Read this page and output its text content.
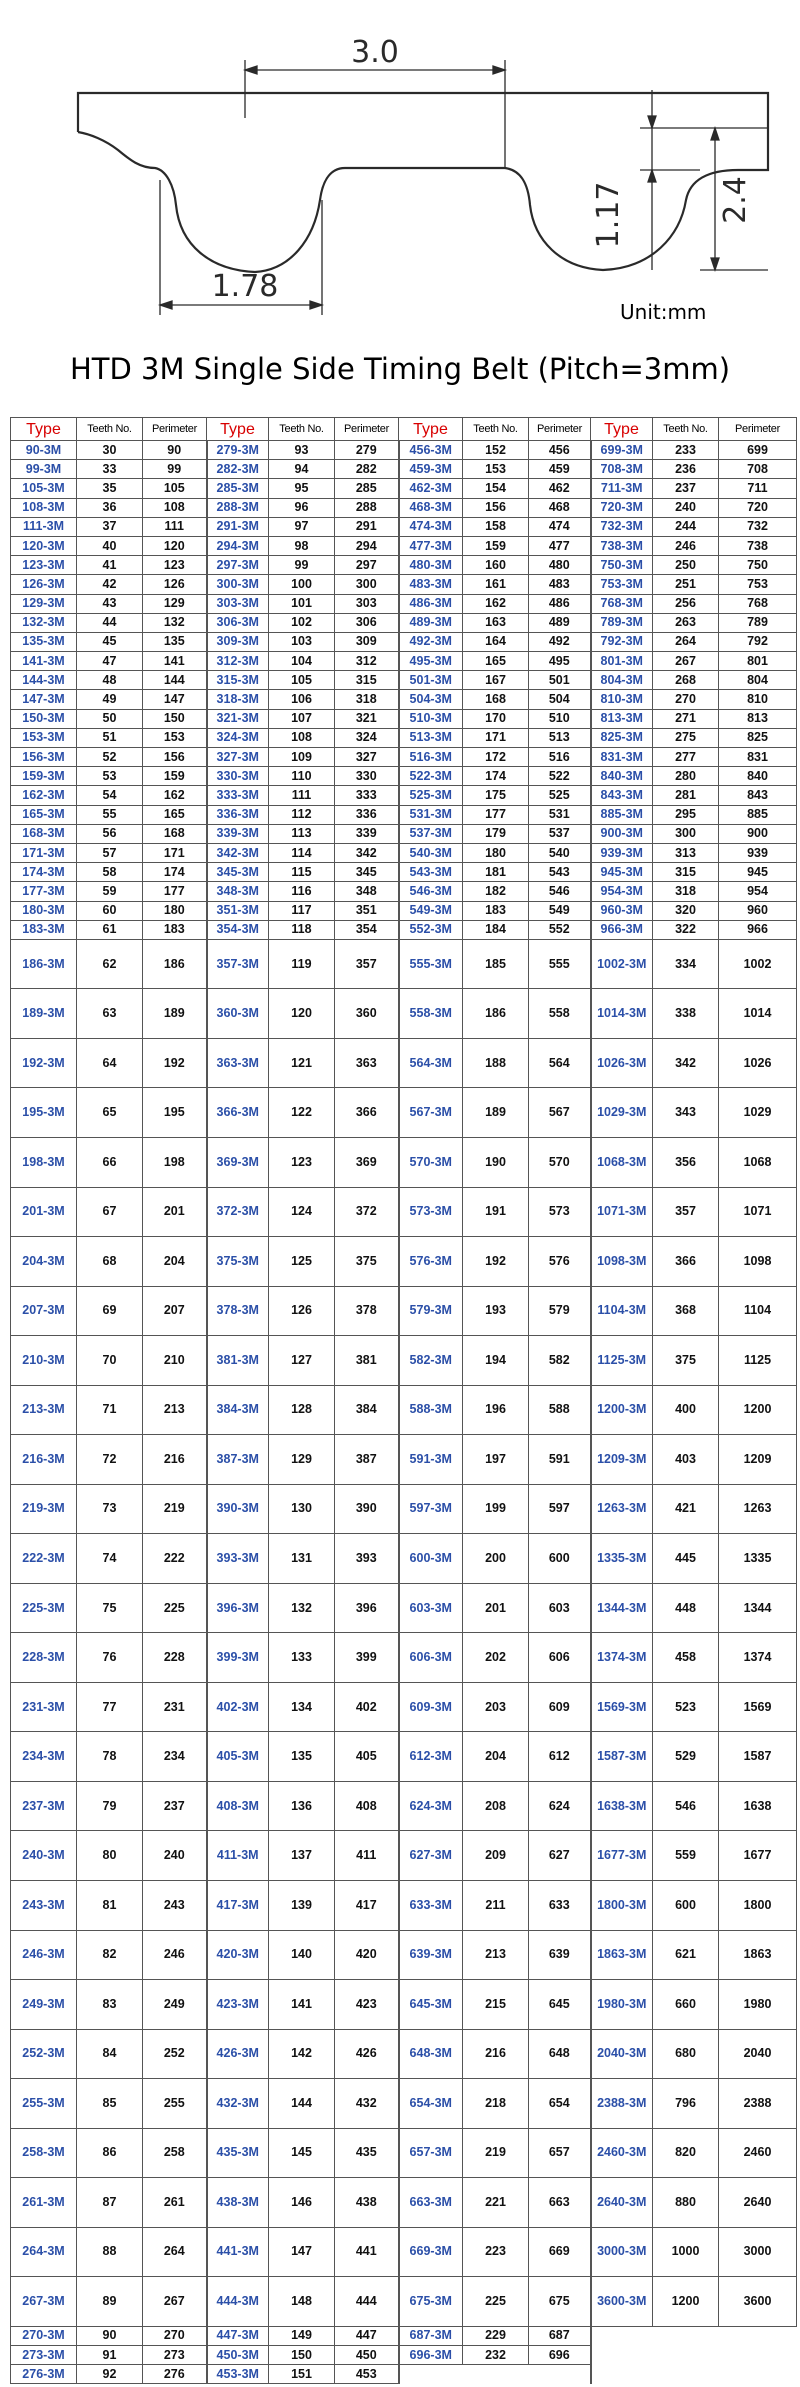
3.0
1.78
1.17	2.4
Unit:mm
HTD 3M Single Side Timing Belt (Pitch=3mm)
Type	Teeth No.	Perimeter	Type	Teeth No.	Perimeter	Type	Teeth No.	Perimeter	Type	Teeth No.	Perimeter
90-3M	30	90	279-3M	93	279	456-3M	152	456	699-3M	233	699
99-3M	33	99	282-3M	94	282	459-3M	153	459	708-3M	236	708
105-3M	35	105	285-3M	95	285	462-3M	154	462	711-3M	237	711
108-3M	36	108	288-3M	96	288	468-3M	156	468	720-3M	240	720
111-3M	37	111	291-3M	97	291	474-3M	158	474	732-3M	244	732
120-3M	40	120	294-3M	98	294	477-3M	159	477	738-3M	246	738
123-3M	41	123	297-3M	99	297	480-3M	160	480	750-3M	250	750
126-3M	42	126	300-3M	100	300	483-3M	161	483	753-3M	251	753
129-3M	43	129	303-3M	101	303	486-3M	162	486	768-3M	256	768
132-3M	44	132	306-3M	102	306	489-3M	163	489	789-3M	263	789
135-3M	45	135	309-3M	103	309	492-3M	164	492	792-3M	264	792
141-3M	47	141	312-3M	104	312	495-3M	165	495	801-3M	267	801
144-3M	48	144	315-3M	105	315	501-3M	167	501	804-3M	268	804
147-3M	49	147	318-3M	106	318	504-3M	168	504	810-3M	270	810
150-3M	50	150	321-3M	107	321	510-3M	170	510	813-3M	271	813
153-3M	51	153	324-3M	108	324	513-3M	171	513	825-3M	275	825
156-3M	52	156	327-3M	109	327	516-3M	172	516	831-3M	277	831
159-3M	53	159	330-3M	110	330	522-3M	174	522	840-3M	280	840
162-3M	54	162	333-3M	111	333	525-3M	175	525	843-3M	281	843
165-3M	55	165	336-3M	112	336	531-3M	177	531	885-3M	295	885
168-3M	56	168	339-3M	113	339	537-3M	179	537	900-3M	300	900
171-3M	57	171	342-3M	114	342	540-3M	180	540	939-3M	313	939
174-3M	58	174	345-3M	115	345	543-3M	181	543	945-3M	315	945
177-3M	59	177	348-3M	116	348	546-3M	182	546	954-3M	318	954
180-3M	60	180	351-3M	117	351	549-3M	183	549	960-3M	320	960
183-3M	61	183	354-3M	118	354	552-3M	184	552	966-3M	322	966
186-3M	62	186	357-3M	119	357	555-3M	185	555	1002-3M	334	1002
189-3M	63	189	360-3M	120	360	558-3M	186	558	1014-3M	338	1014
192-3M	64	192	363-3M	121	363	564-3M	188	564	1026-3M	342	1026
195-3M	65	195	366-3M	122	366	567-3M	189	567	1029-3M	343	1029
198-3M	66	198	369-3M	123	369	570-3M	190	570	1068-3M	356	1068
201-3M	67	201	372-3M	124	372	573-3M	191	573	1071-3M	357	1071
204-3M	68	204	375-3M	125	375	576-3M	192	576	1098-3M	366	1098
207-3M	69	207	378-3M	126	378	579-3M	193	579	1104-3M	368	1104
210-3M	70	210	381-3M	127	381	582-3M	194	582	1125-3M	375	1125
213-3M	71	213	384-3M	128	384	588-3M	196	588	1200-3M	400	1200
216-3M	72	216	387-3M	129	387	591-3M	197	591	1209-3M	403	1209
219-3M	73	219	390-3M	130	390	597-3M	199	597	1263-3M	421	1263
222-3M	74	222	393-3M	131	393	600-3M	200	600	1335-3M	445	1335
225-3M	75	225	396-3M	132	396	603-3M	201	603	1344-3M	448	1344
228-3M	76	228	399-3M	133	399	606-3M	202	606	1374-3M	458	1374
231-3M	77	231	402-3M	134	402	609-3M	203	609	1569-3M	523	1569
234-3M	78	234	405-3M	135	405	612-3M	204	612	1587-3M	529	1587
237-3M	79	237	408-3M	136	408	624-3M	208	624	1638-3M	546	1638
240-3M	80	240	411-3M	137	411	627-3M	209	627	1677-3M	559	1677
243-3M	81	243	417-3M	139	417	633-3M	211	633	1800-3M	600	1800
246-3M	82	246	420-3M	140	420	639-3M	213	639	1863-3M	621	1863
249-3M	83	249	423-3M	141	423	645-3M	215	645	1980-3M	660	1980
252-3M	84	252	426-3M	142	426	648-3M	216	648	2040-3M	680	2040
255-3M	85	255	432-3M	144	432	654-3M	218	654	2388-3M	796	2388
258-3M	86	258	435-3M	145	435	657-3M	219	657	2460-3M	820	2460
261-3M	87	261	438-3M	146	438	663-3M	221	663	2640-3M	880	2640
264-3M	88	264	441-3M	147	441	669-3M	223	669	3000-3M	1000	3000
267-3M	89	267	444-3M	148	444	675-3M	225	675	3600-3M	1200	3600
270-3M	90	270	447-3M	149	447	687-3M	229	687			
273-3M	91	273	450-3M	150	450	696-3M	232	696			
276-3M	92	276	453-3M	151	453						
